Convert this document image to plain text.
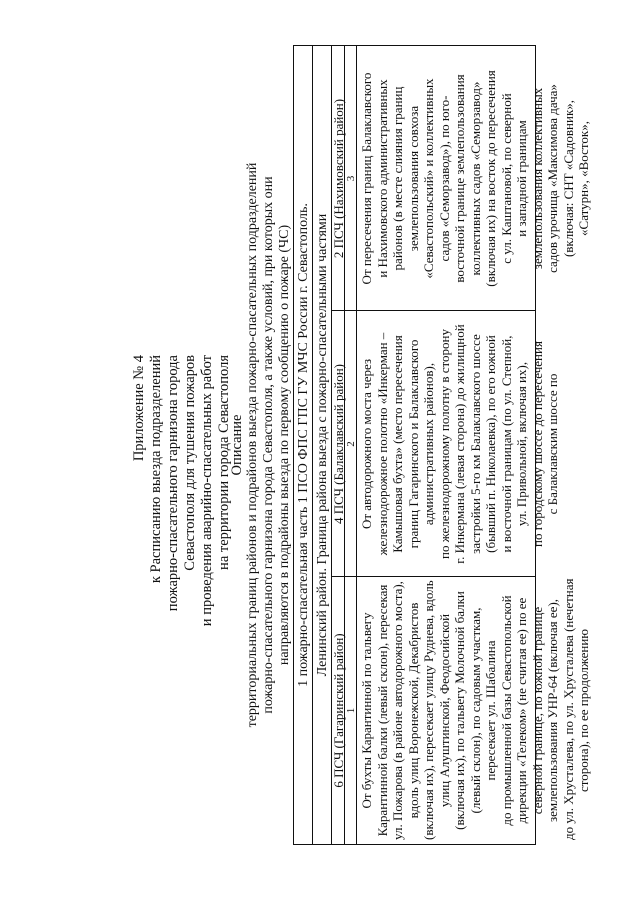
Приложение № 4 к Расписанию выезда подразделений пожарно-спасательного гарнизона города Севастополя для тушения пожаров и проведения аварийно-спасательных работ на территории города Севастополя
Описание территориальных границ районов и подрайонов выезда пожарно-спасательных подразделений пожарно-спасательного гарнизона города Севастополя, а также условий, при которых они направляются в подрайоны выезда по первому сообщению о пожаре (ЧС) 1 пожарно-спасательная часть 1 ПСО ФПС ГПС ГУ МЧС России г. Севастополь. Ленинский район. Граница района выезда с пожарно-спасательными частями
6 ПСЧ (Гагаринский район)
4 ПСЧ (Балаклавский район)
2 ПСЧ (Нахимовский район)
1
2
3
От бухты Карантинной по тальвегу Карантинной балки (левый склон), пересекая ул. Пожарова (в районе автодорожного моста), вдоль улиц Воронежской, Декабристов (включая их), пересекает улицу Руднева, вдоль улиц Алуштинской, Феодосийской (включая их), по тальвегу Молочной балки (левый склон), по садовым участкам, пересекает ул. Шабалина до промышленной базы Севастопольской дирекции «Телеком» (не считая ее) по ее северной границе, по южной границе землепользования УНР-64 (включая ее), до ул. Хрусталева, по ул. Хрусталева (нечетная сторона), по ее продолжению
От автодорожного моста через железнодорожное полотно «Инкерман – Камышовая бухта» (место пересечения границ Гагаринского и Балаклавского административных районов), по железнодорожному полотну в сторону г. Инкермана (левая сторона) до жилищной застройки 5-го км Балаклавского шоссе (бывший п. Николаевка), по его южной и восточной границам (по ул. Степной, ул. Привольной, включая их), по городскому шоссе до пересечения с Балаклавским шоссе по
От пересечения границ Балаклавского и Нахимовского административных районов (в месте слияния границ землепользования совхоза «Севастопольский» и коллективных садов «Семорзавод»), по юго- восточной границе землепользования коллективных садов «Семорзавод» (включая их) на восток до пересечения с ул. Каштановой, по северной и западной границам землепользования коллективных садов урочища «Максимова дача» (включая: СНТ «Садовник», «Сатурн», «Восток»,
